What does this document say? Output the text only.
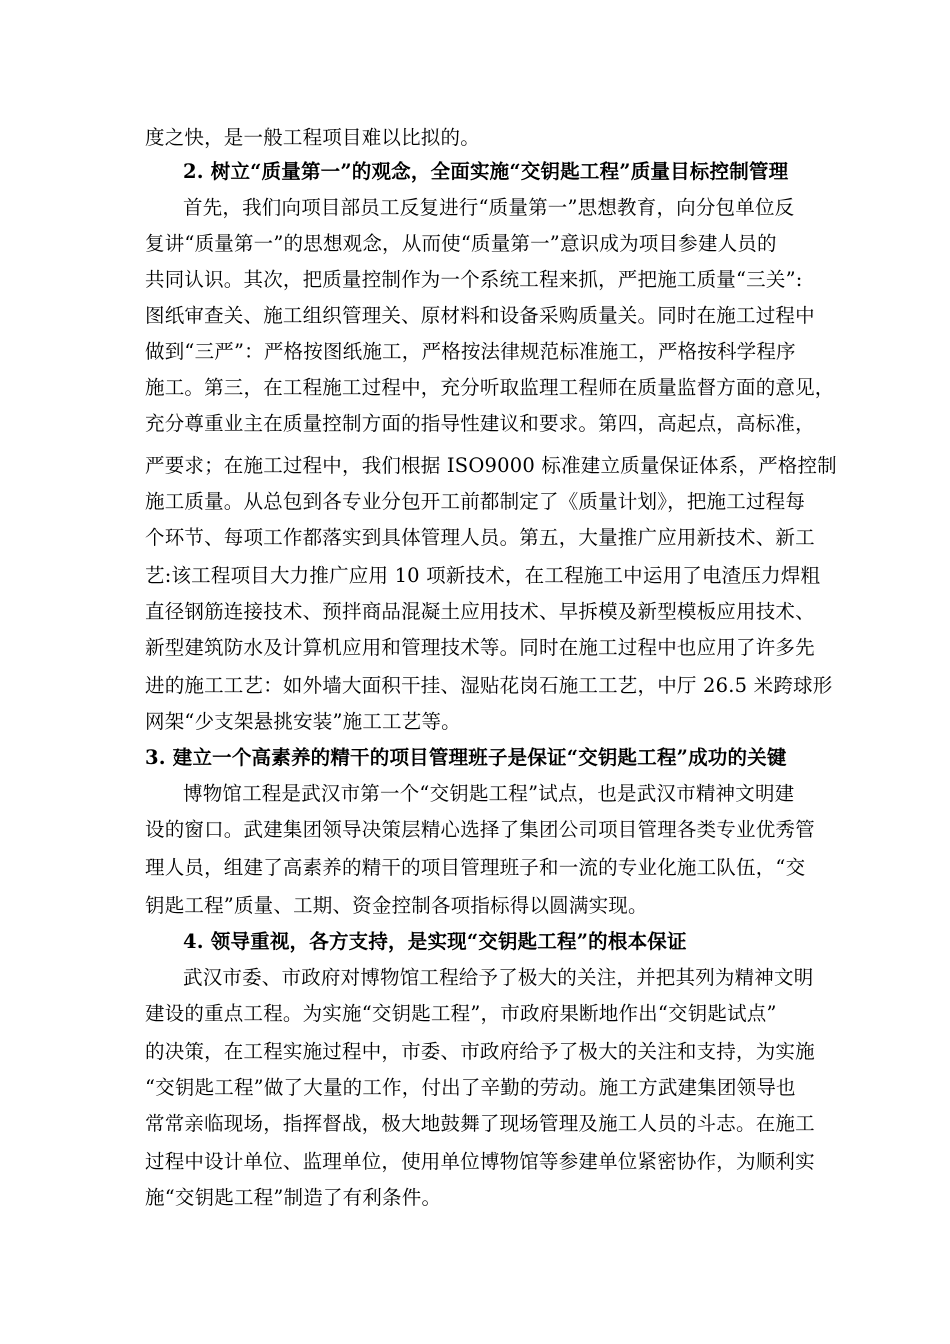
度之快，是一般工程项目难以比拟的。
2. 树立“质量第一”的观念，全面实施“交钥匙工程”质量目标控制管理
首先，我们向项目部员工反复进行“质量第一”思想教育，向分包单位反
复讲“质量第一”的思想观念，从而使“质量第一”意识成为项目参建人员的
共同认识。其次，把质量控制作为一个系统工程来抓，严把施工质量“三关”:
图纸审查关、施工组织管理关、原材料和设备采购质量关。同时在施工过程中
做到“三严”：严格按图纸施工，严格按法律规范标准施工，严格按科学程序
施工。第三，在工程施工过程中，充分听取监理工程师在质量监督方面的意见，
充分尊重业主在质量控制方面的指导性建议和要求。第四，高起点，高标准，
严要求；在施工过程中，我们根据 ISO9000 标准建立质量保证体系，严格控制
施工质量。从总包到各专业分包开工前都制定了《质量计划》，把施工过程每
个环节、每项工作都落实到具体管理人员。第五，大量推广应用新技术、新工
艺:该工程项目大力推广应用 10 项新技术，在工程施工中运用了电渣压力焊粗
直径钢筋连接技术、预拌商品混凝土应用技术、早拆模及新型模板应用技术、
新型建筑防水及计算机应用和管理技术等。同时在施工过程中也应用了许多先
进的施工工艺：如外墙大面积干挂、湿贴花岗石施工工艺，中厅 26.5 米跨球形
网架“少支架悬挑安装”施工工艺等。
3. 建立一个高素养的精干的项目管理班子是保证“交钥匙工程”成功的关键
博物馆工程是武汉市第一个“交钥匙工程”试点，也是武汉市精神文明建
设的窗口。武建集团领导决策层精心选择了集团公司项目管理各类专业优秀管
理人员，组建了高素养的精干的项目管理班子和一流的专业化施工队伍，“交
钥匙工程”质量、工期、资金控制各项指标得以圆满实现。
4. 领导重视，各方支持，是实现“交钥匙工程”的根本保证
武汉市委、市政府对博物馆工程给予了极大的关注，并把其列为精神文明
建设的重点工程。为实施“交钥匙工程”，市政府果断地作出“交钥匙试点”
的决策，在工程实施过程中，市委、市政府给予了极大的关注和支持，为实施
“交钥匙工程”做了大量的工作，付出了辛勤的劳动。施工方武建集团领导也
常常亲临现场，指挥督战，极大地鼓舞了现场管理及施工人员的斗志。在施工
过程中设计单位、监理单位，使用单位博物馆等参建单位紧密协作，为顺利实
施“交钥匙工程”制造了有利条件。
